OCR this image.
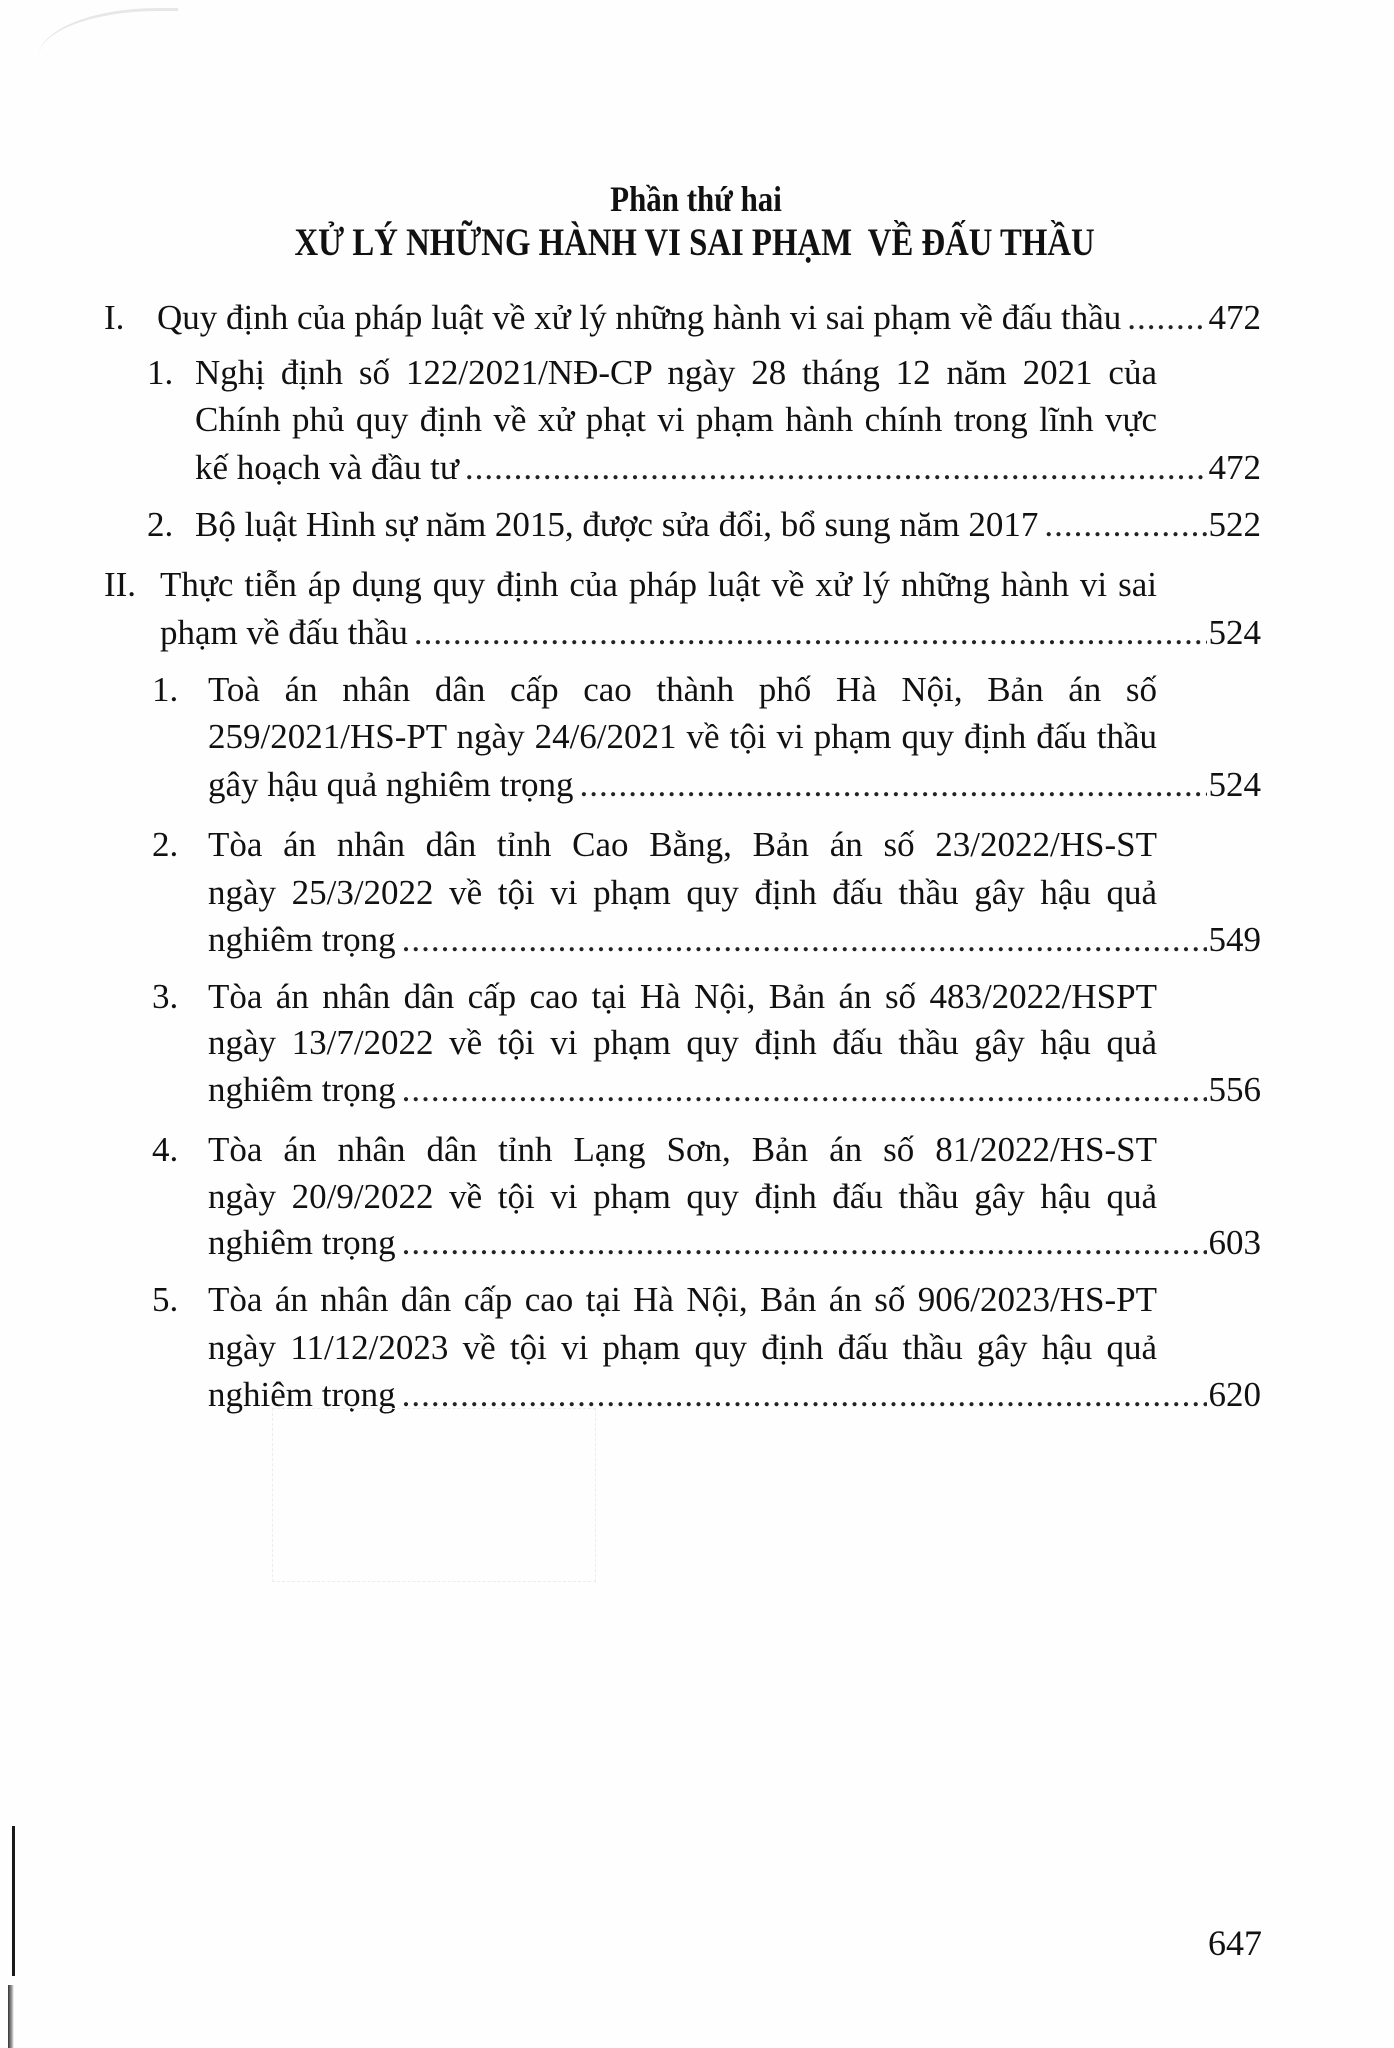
Phần thứ hai
XỬ LÝ NHỮNG HÀNH VI SAI PHẠM  VỀ ĐẤU THẦU
I. Quy định của pháp luật về xử lý những hành vi sai phạm về đấu thầu ..... 472
1. Nghị định số 122/2021/NĐ-CP ngày 28 tháng 12 năm 2021 của
Chính phủ quy định về xử phạt vi phạm hành chính trong lĩnh vực
kế hoạch và đầu tư .....	472
2. Bộ luật Hình sự năm 2015, được sửa đổi, bổ sung năm 2017 .....	522
II. Thực tiễn áp dụng quy định của pháp luật về xử lý những hành vi sai
phạm về đấu thầu .....	524
1. Toà án nhân dân cấp cao thành phố Hà Nội, Bản án số
259/2021/HS-PT ngày 24/6/2021 về tội vi phạm quy định đấu thầu
gây hậu quả nghiêm trọng .....	524
2. Tòa án nhân dân tỉnh Cao Bằng, Bản án số 23/2022/HS-ST
ngày 25/3/2022 về tội vi phạm quy định đấu thầu gây hậu quả
nghiêm trọng .....	549
3. Tòa án nhân dân cấp cao tại Hà Nội, Bản án số 483/2022/HSPT
ngày 13/7/2022 về tội vi phạm quy định đấu thầu gây hậu quả
nghiêm trọng .....	556
4. Tòa án nhân dân tỉnh Lạng Sơn, Bản án số 81/2022/HS-ST
ngày 20/9/2022 về tội vi phạm quy định đấu thầu gây hậu quả
nghiêm trọng .....	603
5. Tòa án nhân dân cấp cao tại Hà Nội, Bản án số 906/2023/HS-PT
ngày 11/12/2023 về tội vi phạm quy định đấu thầu gây hậu quả
nghiêm trọng .....	620
647
